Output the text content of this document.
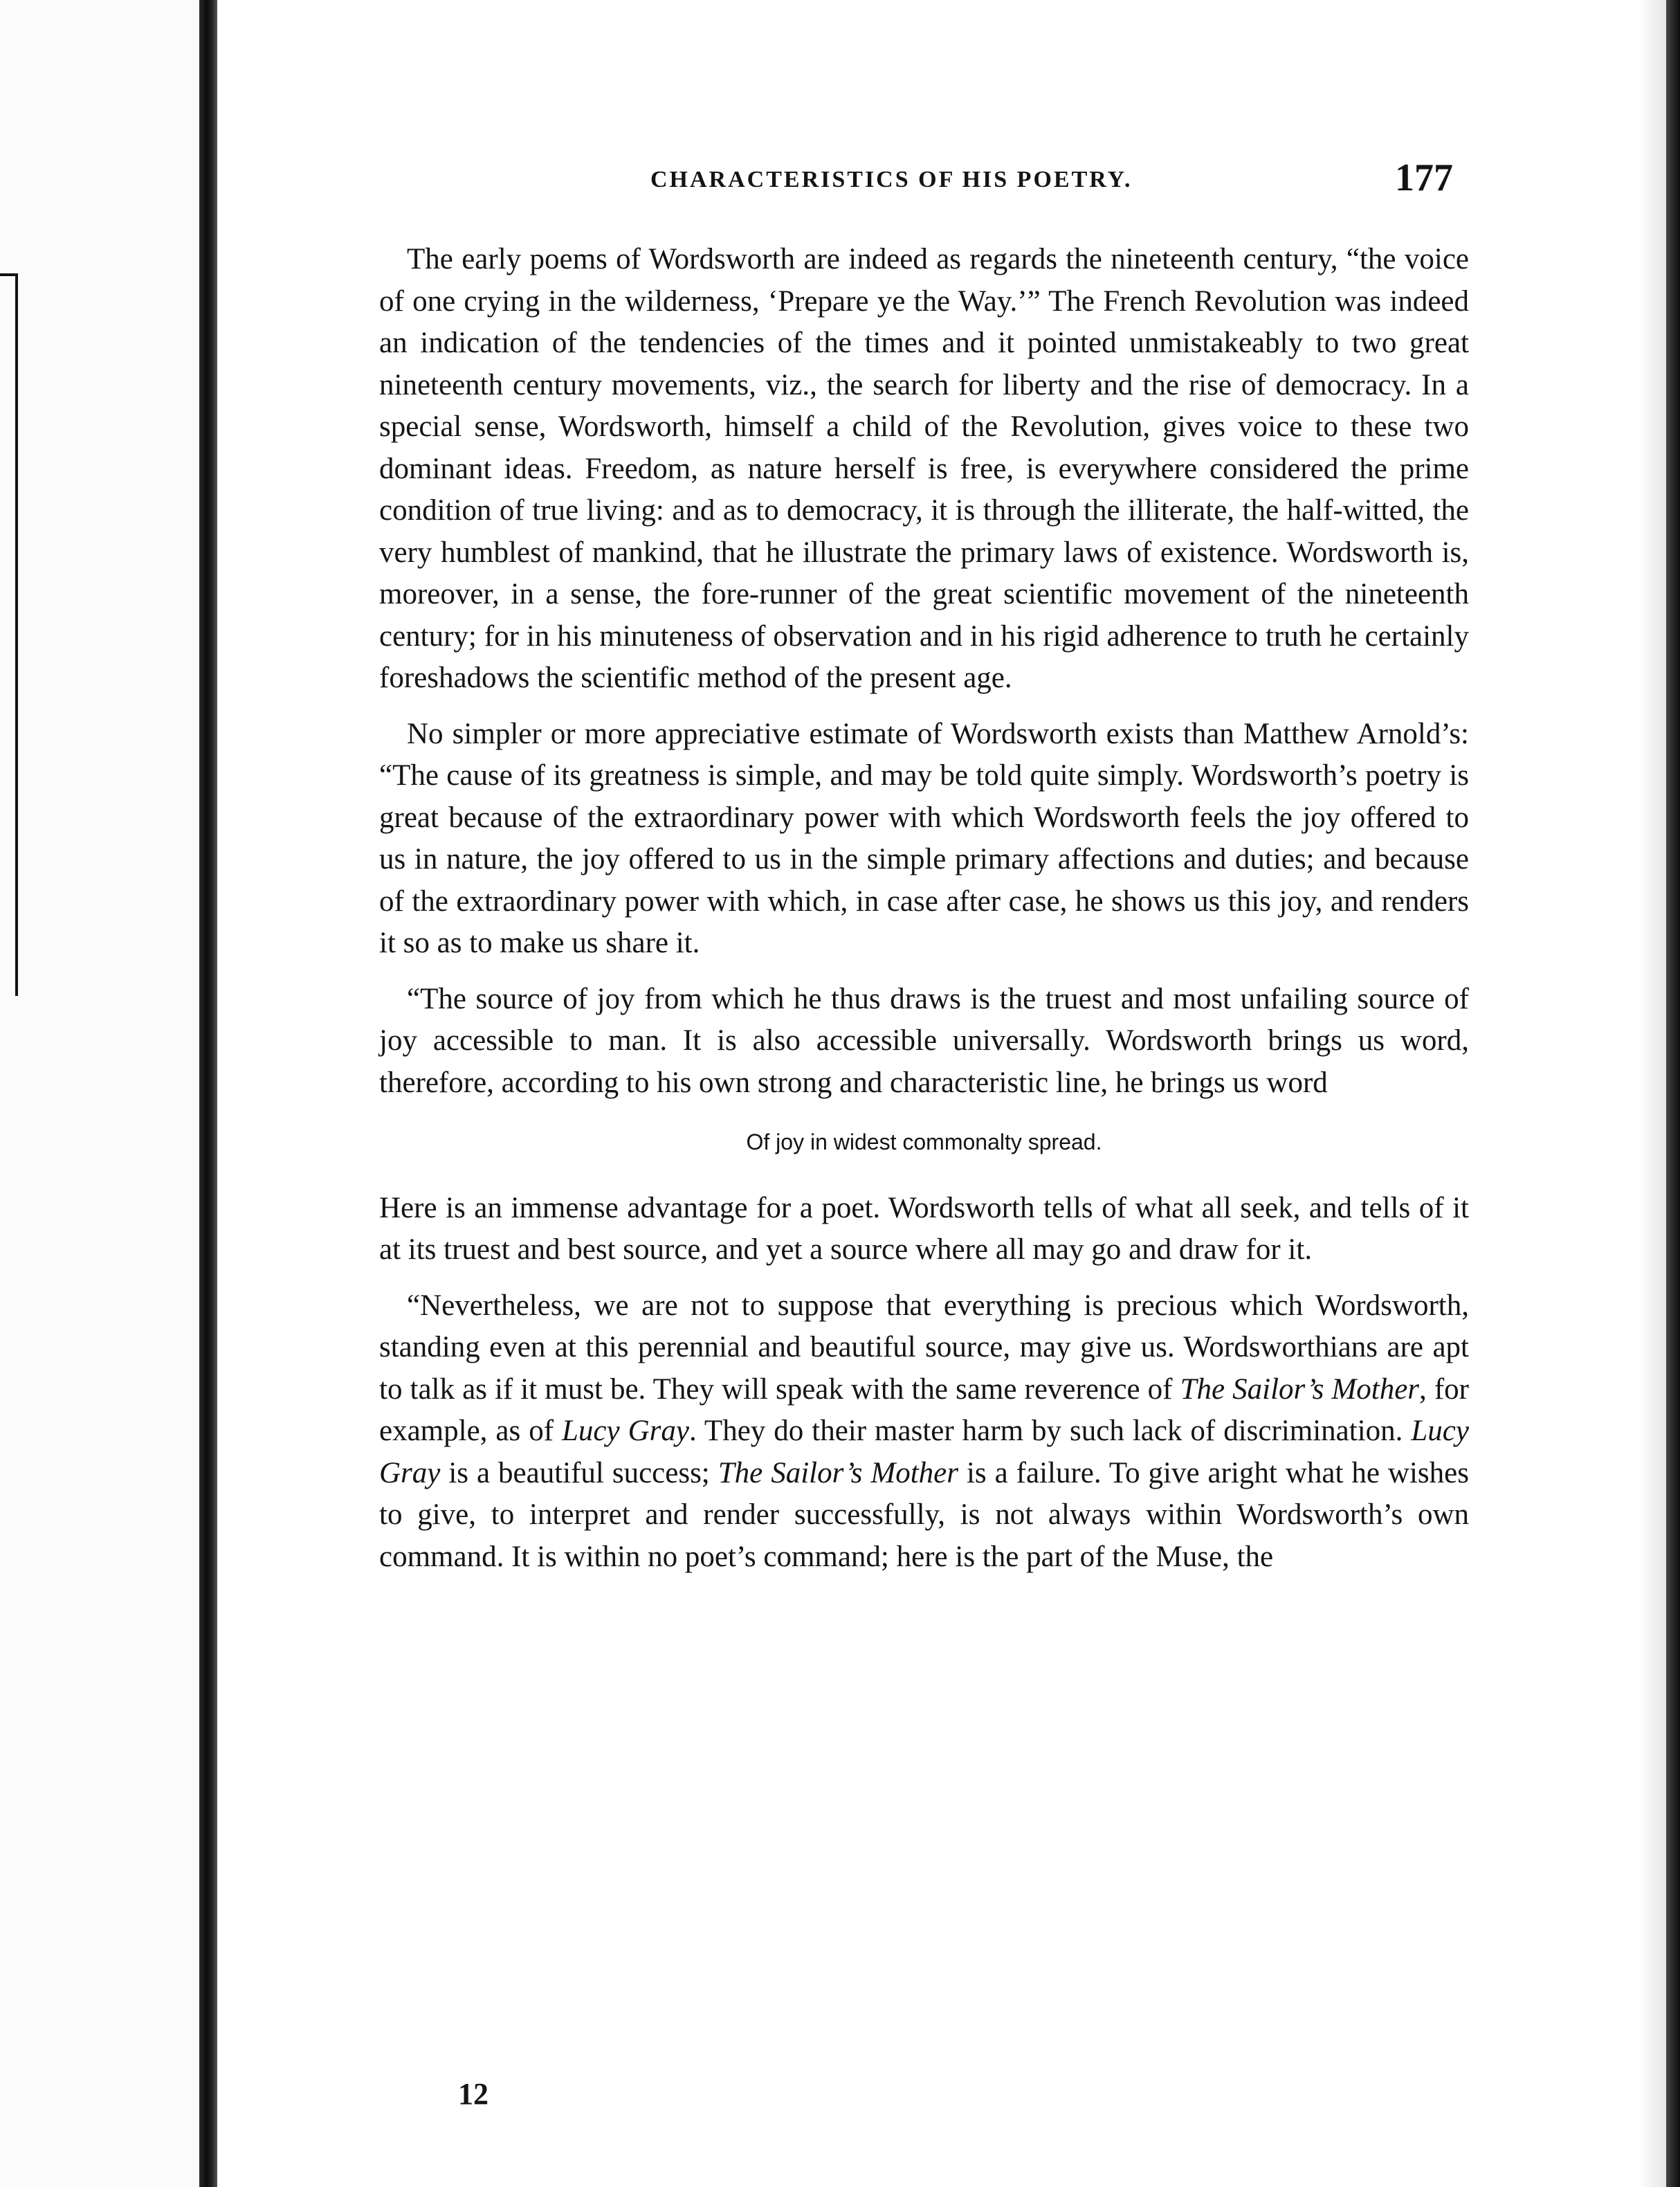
CHARACTERISTICS OF HIS POETRY.	177

The early poems of Wordsworth are indeed as regards the nineteenth century, “the voice of one crying in the wilderness, ‘Prepare ye the Way.’” The French Revolution was indeed an indication of the tendencies of the times and it pointed unmistakeably to two great nineteenth century movements, viz., the search for liberty and the rise of democracy. In a special sense, Wordsworth, himself a child of the Revolution, gives voice to these two dominant ideas. Freedom, as nature herself is free, is everywhere considered the prime condition of true living: and as to democracy, it is through the illiterate, the half-witted, the very humblest of mankind, that he illustrate the primary laws of existence. Wordsworth is, moreover, in a sense, the fore-runner of the great scientific movement of the nineteenth century; for in his minuteness of observation and in his rigid adherence to truth he certainly foreshadows the scientific method of the present age.

No simpler or more appreciative estimate of Wordsworth exists than Matthew Arnold’s: “The cause of its greatness is simple, and may be told quite simply. Wordsworth’s poetry is great because of the extraordinary power with which Wordsworth feels the joy offered to us in nature, the joy offered to us in the simple primary affections and duties; and because of the extraordinary power with which, in case after case, he shows us this joy, and renders it so as to make us share it.

“The source of joy from which he thus draws is the truest and most unfailing source of joy accessible to man. It is also accessible universally. Wordsworth brings us word, therefore, according to his own strong and characteristic line, he brings us word

Of joy in widest commonalty spread.

Here is an immense advantage for a poet. Wordsworth tells of what all seek, and tells of it at its truest and best source, and yet a source where all may go and draw for it.

“Nevertheless, we are not to suppose that everything is precious which Wordsworth, standing even at this perennial and beautiful source, may give us. Wordsworthians are apt to talk as if it must be. They will speak with the same reverence of The Sailor’s Mother, for example, as of Lucy Gray. They do their master harm by such lack of discrimination. Lucy Gray is a beautiful success; The Sailor’s Mother is a failure. To give aright what he wishes to give, to interpret and render successfully, is not always within Wordsworth’s own command. It is within no poet’s command; here is the part of the Muse, the

12
